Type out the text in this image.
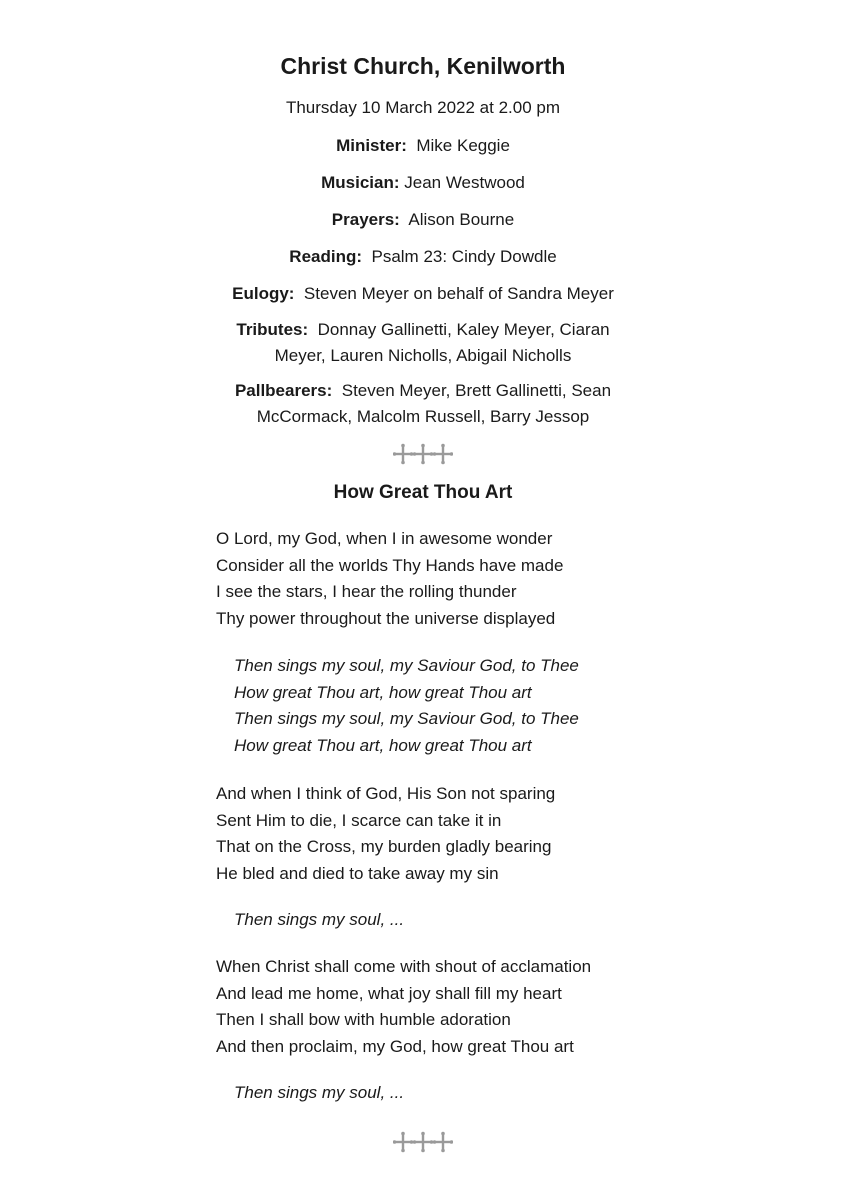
Christ Church, Kenilworth
Thursday 10 March 2022 at 2.00 pm
Minister: Mike Keggie
Musician: Jean Westwood
Prayers: Alison Bourne
Reading: Psalm 23: Cindy Dowdle
Eulogy: Steven Meyer on behalf of Sandra Meyer
Tributes: Donnay Gallinetti, Kaley Meyer, Ciaran
Meyer, Lauren Nicholls, Abigail Nicholls
Pallbearers: Steven Meyer, Brett Gallinetti, Sean
McCormack, Malcolm Russell, Barry Jessop
How Great Thou Art
O Lord, my God, when I in awesome wonder
Consider all the worlds Thy Hands have made
I see the stars, I hear the rolling thunder
Thy power throughout the universe displayed
Then sings my soul, my Saviour God, to Thee
How great Thou art, how great Thou art
Then sings my soul, my Saviour God, to Thee
How great Thou art, how great Thou art
And when I think of God, His Son not sparing
Sent Him to die, I scarce can take it in
That on the Cross, my burden gladly bearing
He bled and died to take away my sin
Then sings my soul, ...
When Christ shall come with shout of acclamation
And lead me home, what joy shall fill my heart
Then I shall bow with humble adoration
And then proclaim, my God, how great Thou art
Then sings my soul, ...
